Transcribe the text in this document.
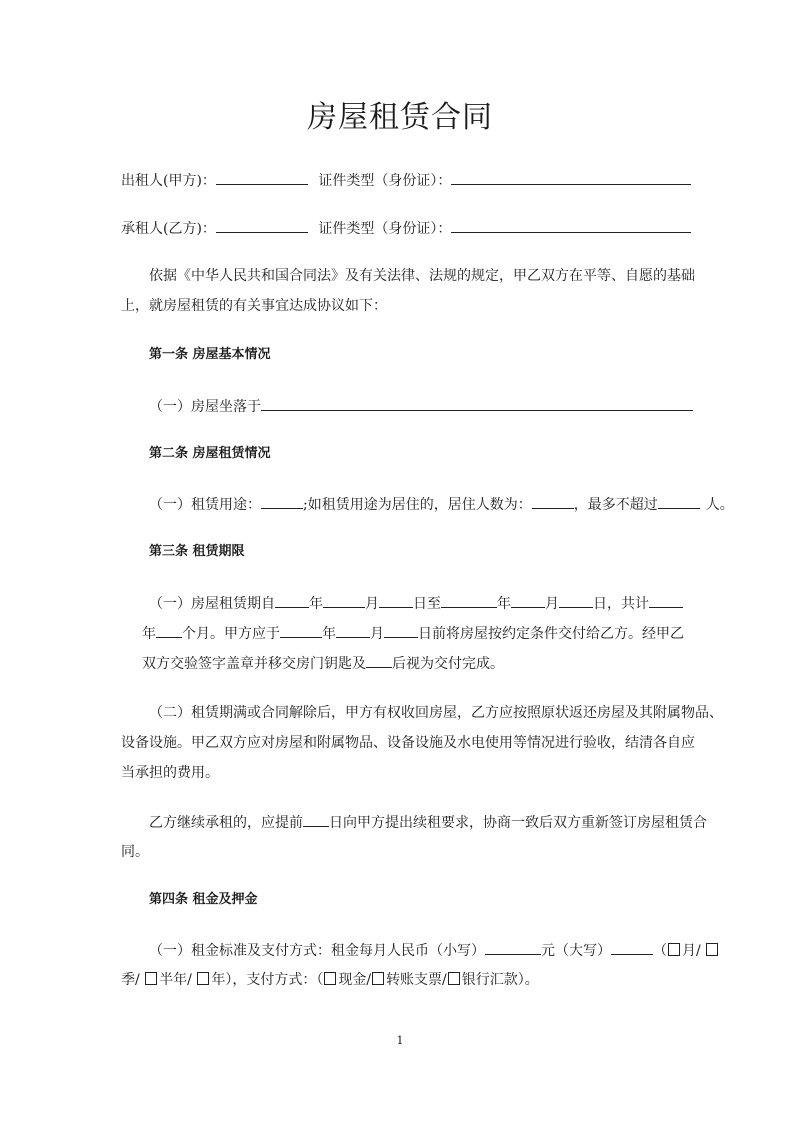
房屋租赁合同
出租人(甲方)：	证件类型（身份证）：
承租人(乙方)：	证件类型（身份证）：
依据《中华人民共和国合同法》及有关法律、法规的规定，甲乙双方在平等、自愿的基础
上，就房屋租赁的有关事宜达成协议如下：
第一条 房屋基本情况
（一）房屋坐落于
第二条 房屋租赁情况
（一）租赁用途：	;如租赁用途为居住的，居住人数为：	，最多不超过	人。
第三条 租赁期限
（一）房屋租赁期自 年	月 日至	年 月 日，共计
年 个月。甲方应于	年 月 日前将房屋按约定条件交付给乙方。经甲乙
双方交验签字盖章并移交房门钥匙及 后视为交付完成。
（二）租赁期满或合同解除后，甲方有权收回房屋，乙方应按照原状返还房屋及其附属物品、
设备设施。甲乙双方应对房屋和附属物品、设备设施及水电使用等情况进行验收，结清各自应
当承担的费用。
乙方继续承租的，应提前 日向甲方提出续租要求，协商一致后双方重新签订房屋租赁合
同。
第四条 租金及押金
（一）租金标准及支付方式：租金每月人民币（小写）	元（大写）	（ 月/
季/ 半年/ 年），支付方式：（ 现金/ 转账支票/ 银行汇款）。
1
